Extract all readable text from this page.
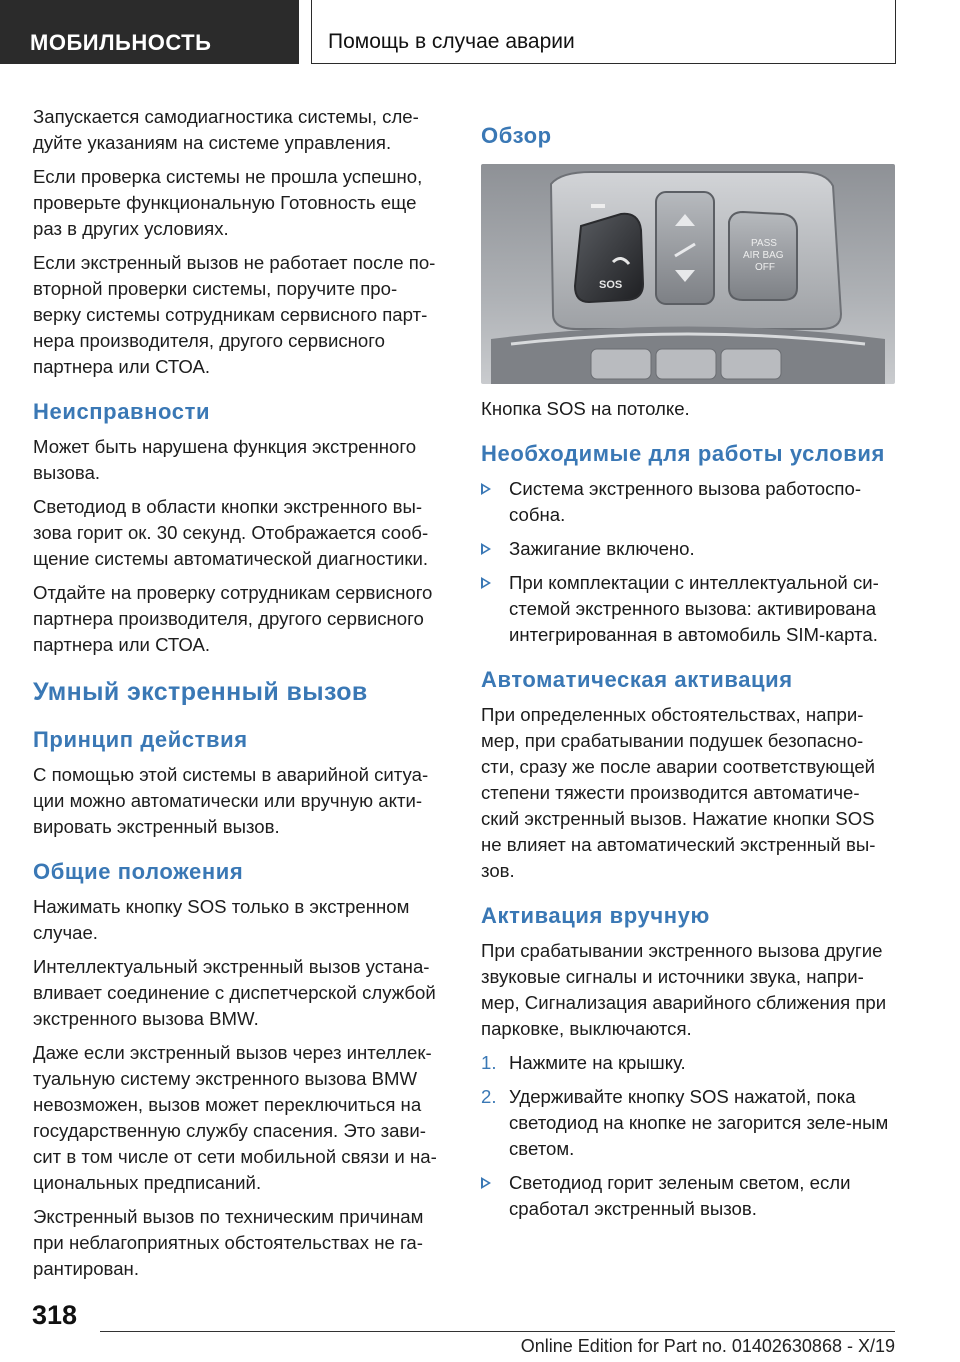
МОБИЛЬНОСТЬ	Помощь в случае аварии

Запускается самодиагностика системы, сле-дуйте указаниям на системе управления.

Если проверка системы не прошла успешно, проверьте функциональную Готовность еще раз в других условиях.

Если экстренный вызов не работает после по-вторной проверки системы, поручите про-верку системы сотрудникам сервисного парт-нера производителя, другого сервисного партнера или СТОА.

Неисправности

Может быть нарушена функция экстренного вызова.

Светодиод в области кнопки экстренного вы-зова горит ок. 30 секунд. Отображается сооб-щение системы автоматической диагностики.

Отдайте на проверку сотрудникам сервисного партнера производителя, другого сервисного партнера или СТОА.

Умный экстренный вызов
Принцип действия

С помощью этой системы в аварийной ситуа-ции можно автоматически или вручную акти-вировать экстренный вызов.

Общие положения

Нажимать кнопку SOS только в экстренном случае.

Интеллектуальный экстренный вызов устана-вливает соединение с диспетчерской службой экстренного вызова BMW.

Даже если экстренный вызов через интеллек-туальную систему экстренного вызова BMW невозможен, вызов может переключиться на государственную службу спасения. Это зави-сит в том числе от сети мобильной связи и на-циональных предписаний.

Экстренный вызов по техническим причинам при неблагоприятных обстоятельствах не га-рантирован.

Обзор
SOS
PASS
AIR BAG
OFF

Кнопка SOS на потолке.

Необходимые для работы условия
Система экстренного вызова работоспо-собна.
Зажигание включено.
При комплектации с интеллектуальной си-стемой экстренного вызова: активирована интегрированная в автомобиль SIM-карта.
Автоматическая активация

При определенных обстоятельствах, напри-мер, при срабатывании подушек безопасно-сти, сразу же после аварии соответствующей степени тяжести производится автоматиче-ский экстренный вызов. Нажатие кнопки SOS не влияет на автоматический экстренный вы-зов.

Активация вручную

При срабатывании экстренного вызова другие звуковые сигналы и источники звука, напри-мер, Сигнализация аварийного сближения при парковке, выключаются.

1. Нажмите на крышку.
2. Удерживайте кнопку SOS нажатой, пока светодиод на кнопке не загорится зеле-ным светом.
Светодиод горит зеленым светом, если сработал экстренный вызов.
318
Online Edition for Part no. 01402630868 - X/19
